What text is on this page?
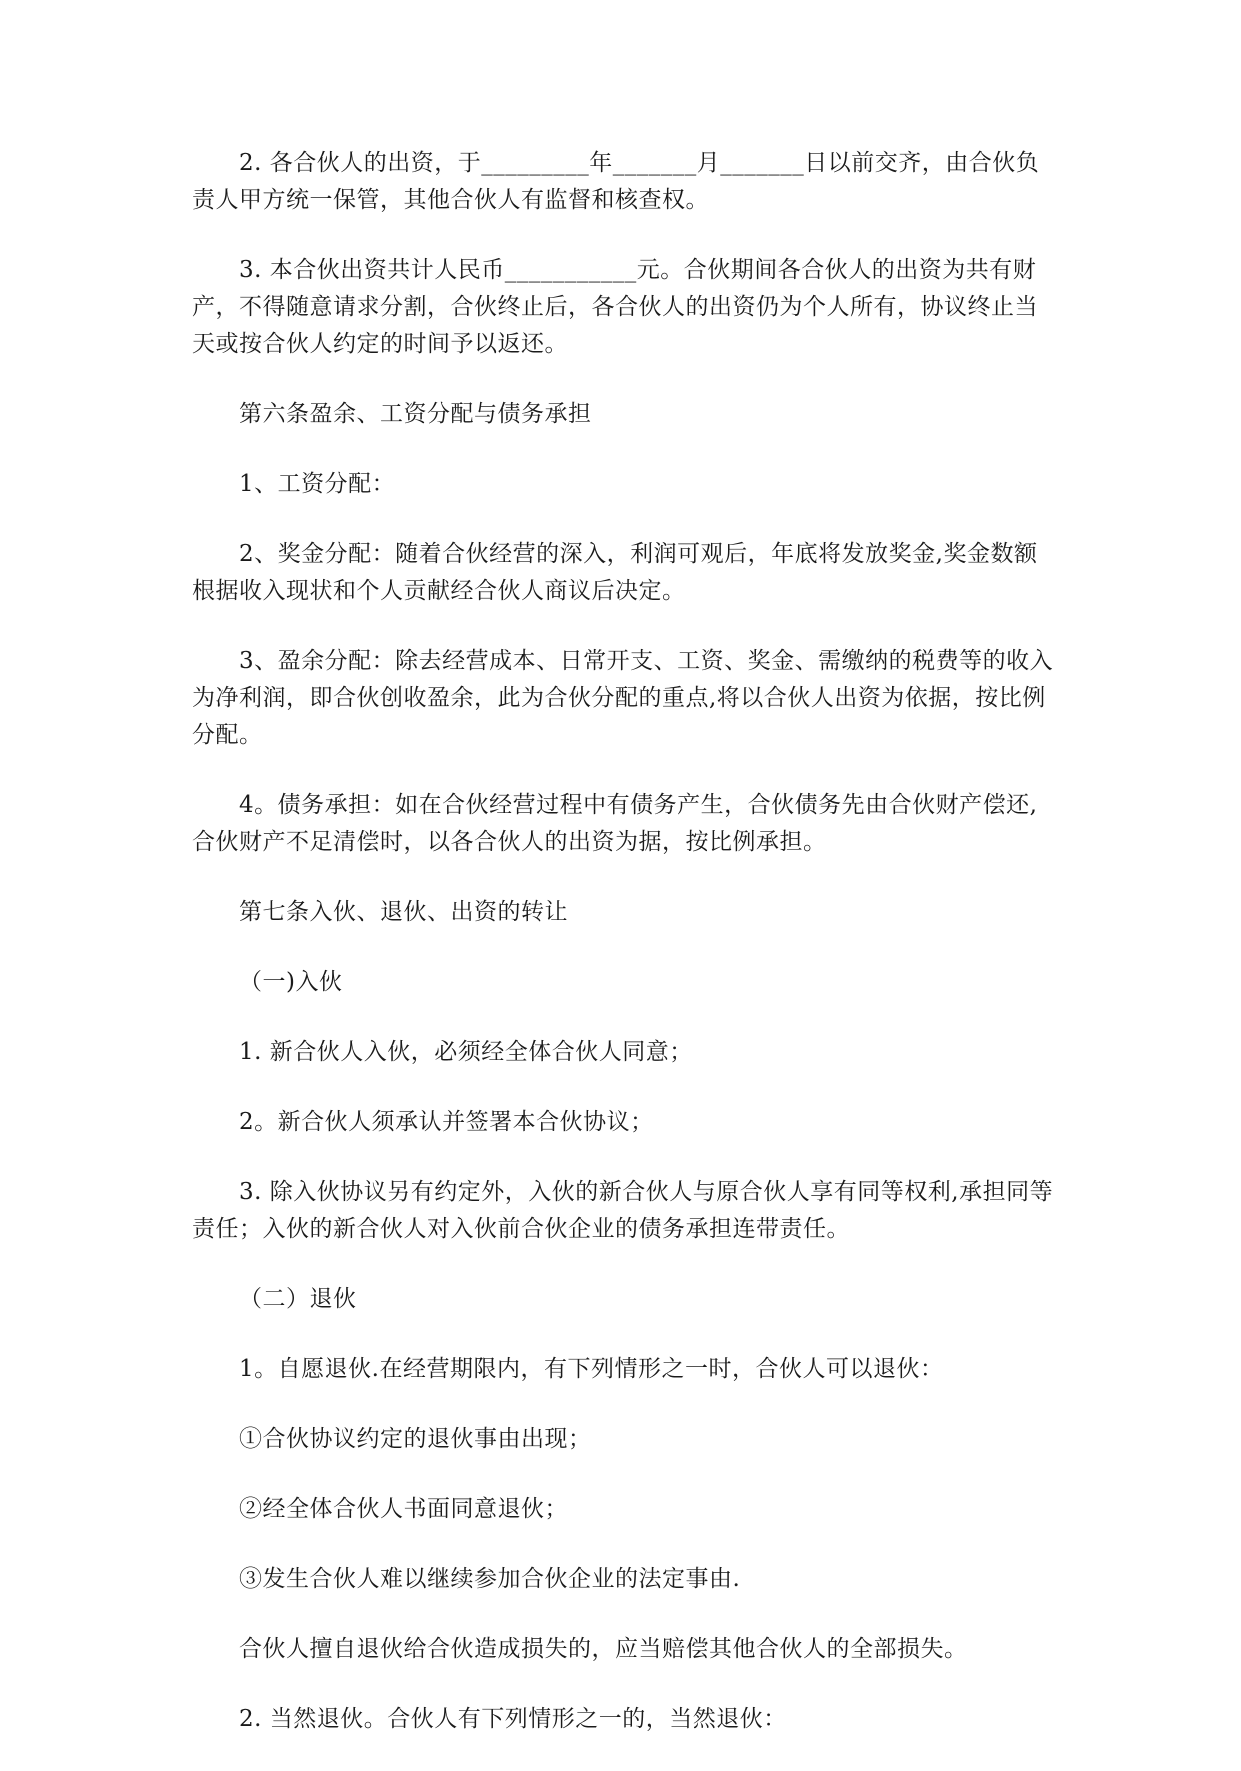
2. 各合伙人的出资，于_________年_______月_______日以前交齐，由合伙负责人甲方统一保管，其他合伙人有监督和核查权。

3. 本合伙出资共计人民币___________元。合伙期间各合伙人的出资为共有财产，不得随意请求分割，合伙终止后，各合伙人的出资仍为个人所有，协议终止当天或按合伙人约定的时间予以返还。

第六条盈余、工资分配与债务承担

1、工资分配：

2、奖金分配：随着合伙经营的深入，利润可观后，年底将发放奖金,奖金数额根据收入现状和个人贡献经合伙人商议后决定。

3、盈余分配：除去经营成本、日常开支、工资、奖金、需缴纳的税费等的收入为净利润，即合伙创收盈余，此为合伙分配的重点,将以合伙人出资为依据，按比例分配。

4。债务承担：如在合伙经营过程中有债务产生，合伙债务先由合伙财产偿还,合伙财产不足清偿时，以各合伙人的出资为据，按比例承担。

第七条入伙、退伙、出资的转让

（一)入伙

1. 新合伙人入伙，必须经全体合伙人同意；

2。新合伙人须承认并签署本合伙协议；

3. 除入伙协议另有约定外，入伙的新合伙人与原合伙人享有同等权利,承担同等责任；入伙的新合伙人对入伙前合伙企业的债务承担连带责任。

（二）退伙

1。自愿退伙.在经营期限内，有下列情形之一时，合伙人可以退伙：

①合伙协议约定的退伙事由出现；

②经全体合伙人书面同意退伙；

③发生合伙人难以继续参加合伙企业的法定事由.

合伙人擅自退伙给合伙造成损失的，应当赔偿其他合伙人的全部损失。

2. 当然退伙。合伙人有下列情形之一的，当然退伙：
